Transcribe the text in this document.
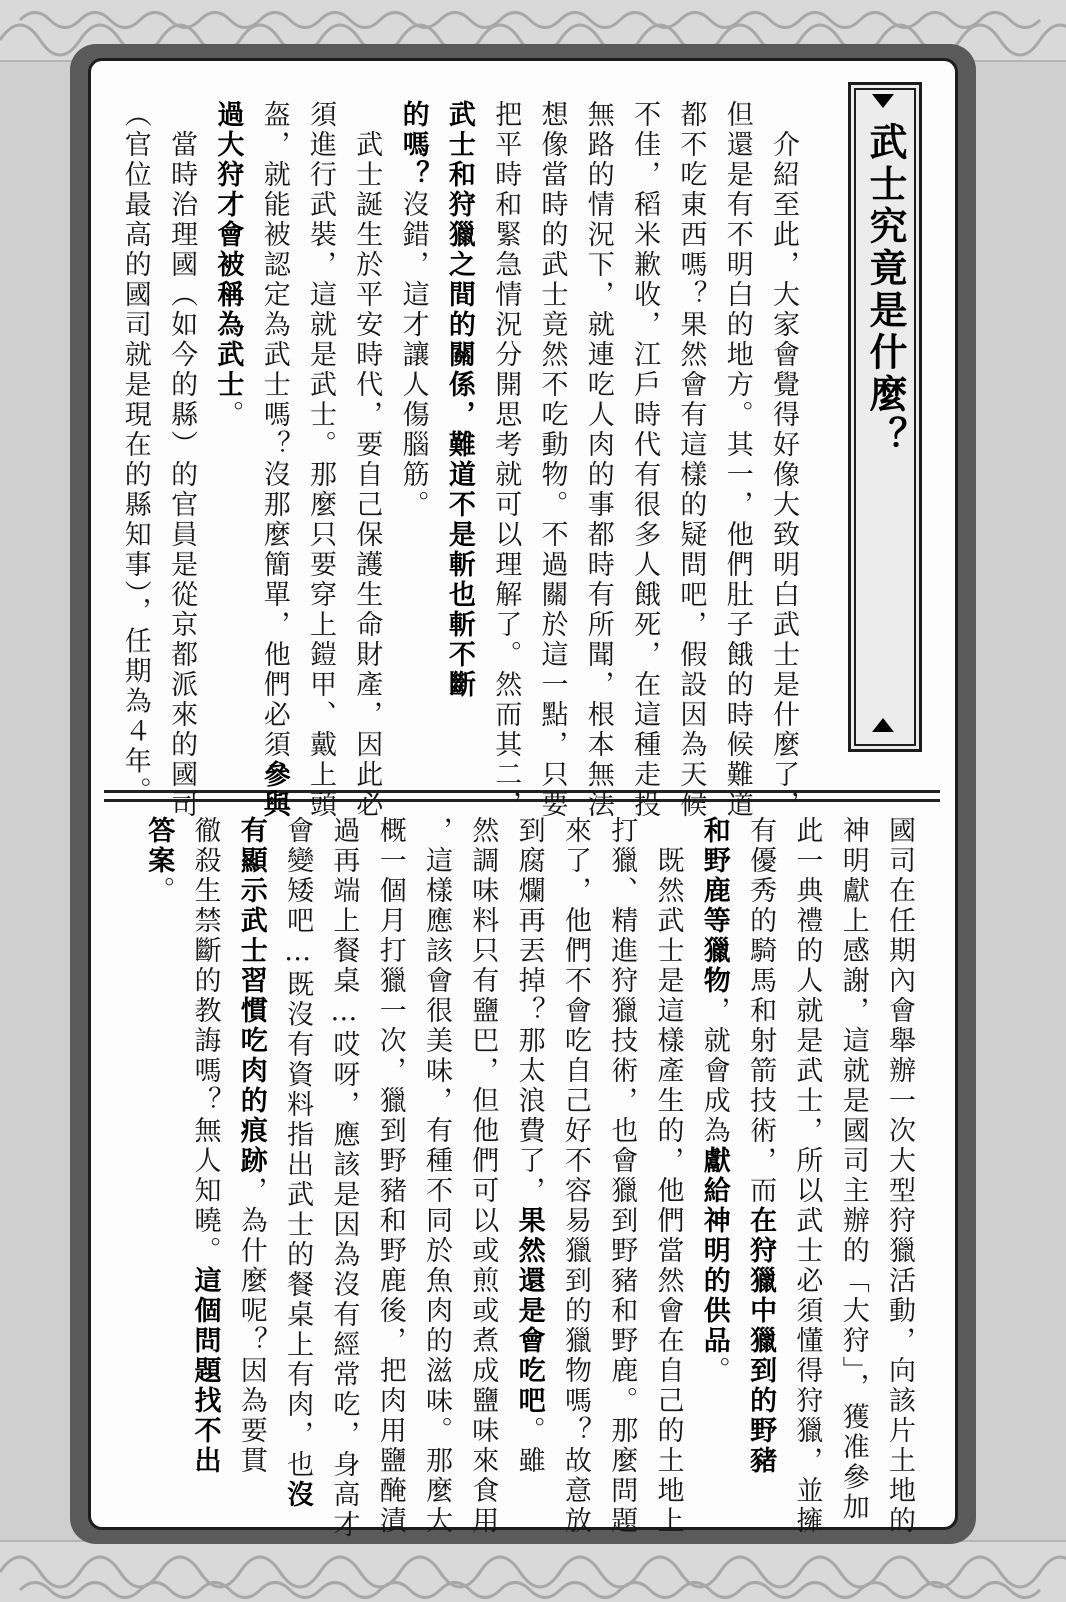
武士究竟是什麼？

　介紹至此，大家會覺得好像大致明白武士是什麼了，

但還是有不明白的地方。其一，他們肚子餓的時候難道

都不吃東西嗎？果然會有這樣的疑問吧，假設因為天候

不佳，稻米歉收，江戶時代有很多人餓死，在這種走投

無路的情況下，就連吃人肉的事都時有所聞，根本無法

想像當時的武士竟然不吃動物。不過關於這一點，只要

把平時和緊急情況分開思考就可以理解了。然而其二，

武士和狩獵之間的關係，難道不是斬也斬不斷

的嗎？沒錯，這才讓人傷腦筋。

　武士誕生於平安時代，要自己保護生命財產，因此必

須進行武裝，這就是武士。那麼只要穿上鎧甲、戴上頭

盔，就能被認定為武士嗎？沒那麼簡單，他們必須參與

過大狩才會被稱為武士。

　當時治理國（如今的縣）的官員是從京都派來的國司

（官位最高的國司就是現在的縣知事），任期為４年。

國司在任期內會舉辦一次大型狩獵活動，向該片土地的

神明獻上感謝，這就是國司主辦的「大狩」，獲准參加

此一典禮的人就是武士，所以武士必須懂得狩獵，並擁

有優秀的騎馬和射箭技術，而在狩獵中獵到的野豬

和野鹿等獵物，就會成為獻給神明的供品。

　既然武士是這樣產生的，他們當然會在自己的土地上

打獵、精進狩獵技術，也會獵到野豬和野鹿。那麼問題

來了，他們不會吃自己好不容易獵到的獵物嗎？故意放

到腐爛再丟掉？那太浪費了，果然還是會吃吧。雖

然調味料只有鹽巴，但他們可以或煎或煮成鹽味來食用

，這樣應該會很美味，有種不同於魚肉的滋味。那麼大

概一個月打獵一次，獵到野豬和野鹿後，把肉用鹽醃漬

過再端上餐桌…哎呀，應該是因為沒有經常吃，身高才

會變矮吧…既沒有資料指出武士的餐桌上有肉，也沒

有顯示武士習慣吃肉的痕跡，為什麼呢？因為要貫

徹殺生禁斷的教誨嗎？無人知曉。這個問題找不出

答案。
